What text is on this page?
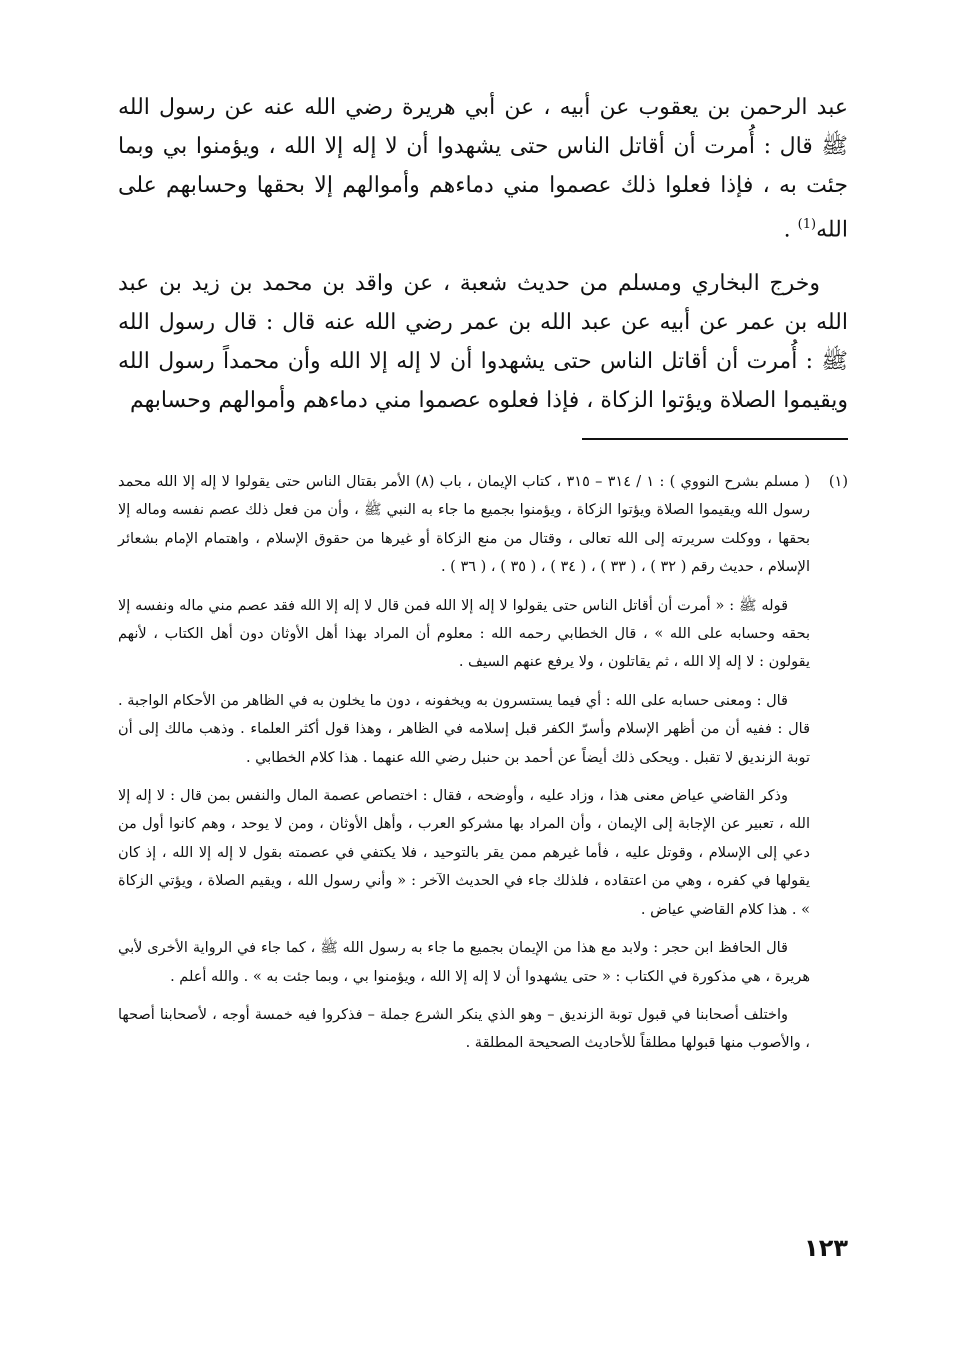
عبد الرحمن بن يعقوب عن أبيه ، عن أبي هريرة رضي الله عنه عن رسول الله ﷺ قال : أُمرت أن أقاتل الناس حتى يشهدوا أن لا إله إلا الله ، ويؤمنوا بي وبما جئت به ، فإذا فعلوا ذلك عصموا مني دماءهم وأموالهم إلا بحقها وحسابهم على الله$^{(1)}$ .

وخرج البخاري ومسلم من حديث شعبة ، عن واقد بن محمد بن زيد بن عبد الله بن عمر عن أبيه عن عبد الله بن عمر رضي الله عنه قال : قال رسول الله ﷺ : أُمرت أن أقاتل الناس حتى يشهدوا أن لا إله إلا الله وأن محمداً رسول الله ويقيموا الصلاة ويؤتوا الزكاة ، فإذا فعلوه عصموا مني دماءهم وأموالهم وحسابهم

(١)

( مسلم بشرح النووي ) : ١ / ٣١٤ – ٣١٥ ، كتاب الإيمان ، باب (٨) الأمر بقتال الناس حتى يقولوا لا إله إلا الله محمد رسول الله ويقيموا الصلاة ويؤتوا الزكاة ، ويؤمنوا بجميع ما جاء به النبي ﷺ ، وأن من فعل ذلك عصم نفسه وماله إلا بحقها ، ووكلت سريرته إلى الله تعالى ، وقتال من منع الزكاة أو غيرها من حقوق الإسلام ، واهتمام الإمام بشعائر الإسلام ، حديث رقم ( ٣٢ ) ، ( ٣٣ ) ، ( ٣٤ ) ، ( ٣٥ ) ، ( ٣٦ ) .

قوله ﷺ : « أمرت أن أقاتل الناس حتى يقولوا لا إله إلا الله فمن قال لا إله إلا الله فقد عصم مني ماله ونفسه إلا بحقه وحسابه على الله » ، قال الخطابي رحمه الله : معلوم أن المراد بهذا أهل الأوثان دون أهل الكتاب ، لأنهم يقولون : لا إله إلا الله ، ثم يقاتلون ، ولا يرفع عنهم السيف .

قال : ومعنى حسابه على الله : أي فيما يستسرون به ويخفونه ، دون ما يخلون به في الظاهر من الأحكام الواجبة . قال : ففيه أن من أظهر الإسلام وأسرّ الكفر قبل إسلامه في الظاهر ، وهذا قول أكثر العلماء . وذهب مالك إلى أن توبة الزنديق لا تقبل . ويحكى ذلك أيضاً عن أحمد بن حنبل رضي الله عنهما . هذا كلام الخطابي .

وذكر القاضي عياض معنى هذا ، وزاد عليه ، وأوضحه ، فقال : اختصاص عصمة المال والنفس بمن قال : لا إله إلا الله ، تعبير عن الإجابة إلى الإيمان ، وأن المراد بها مشركو العرب ، وأهل الأوثان ، ومن لا يوحد ، وهم كانوا أول من دعي إلى الإسلام ، وقوتل عليه ، فأما غيرهم ممن يقر بالتوحيد ، فلا يكتفي في عصمته بقول لا إله إلا الله ، إذ كان يقولها في كفره ، وهي من اعتقاده ، فلذلك جاء في الحديث الآخر : « وأني رسول الله ، ويقيم الصلاة ، ويؤتي الزكاة » . هذا كلام القاضي عياض .

قال الحافظ ابن حجر : ولابد مع هذا من الإيمان بجميع ما جاء به رسول الله ﷺ ، كما جاء في الرواية الأخرى لأبي هريرة ، هي مذكورة في الكتاب : « حتى يشهدوا أن لا إله إلا الله ، ويؤمنوا بي ، وبما جئت به » . والله أعلم .

واختلف أصحابنا في قبول توبة الزنديق – وهو الذي ينكر الشرع جملة – فذكروا فيه خمسة أوجه ، لأصحابنا أصحها ، والأصوب منها قبولها مطلقاً للأحاديث الصحيحة المطلقة .

١٢٣
